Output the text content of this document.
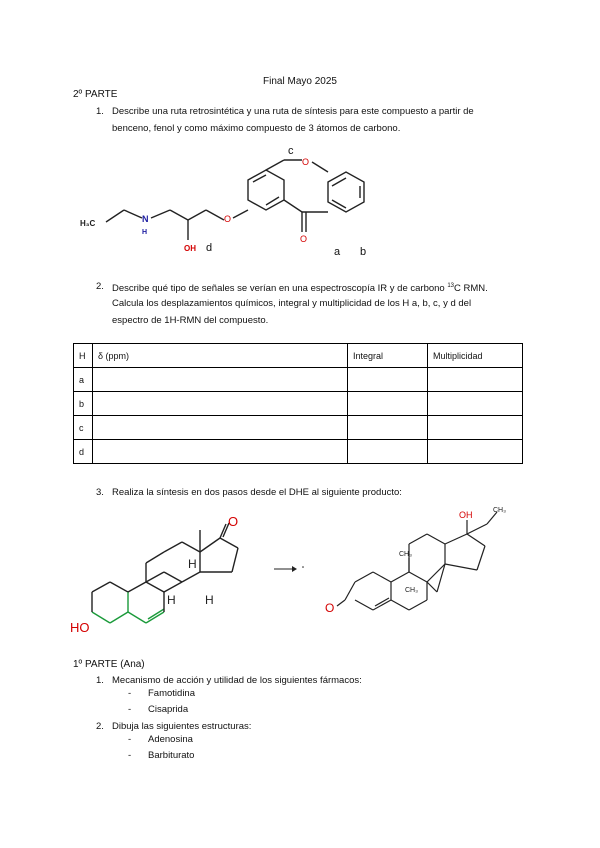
Final Mayo 2025
2º PARTE
1. Describe una ruta retrosintética y una ruta de síntesis para este compuesto a partir de
benceno, fenol y como máximo compuesto de 3 átomos de carbono.
H₃C	N
H
OH d
O
O
O
c
a b
2. Describe qué tipo de señales se verían en una espectroscopía IR y de carbono $^{13}$C RMN.
Calcula los desplazamientos químicos, integral y multiplicidad de los H a, b, c, y d del
espectro de 1H-RMN del compuesto.
H	δ (ppm)	Integral	Multiplicidad
a			
b			
c			
d			
3. Realiza la síntesis en dos pasos desde el DHE al siguiente producto:
HO
O
H
H H
O
OH	CH₃
CH₃
CH₃
1º PARTE (Ana)
1. Mecanismo de acción y utilidad de los siguientes fármacos:
- Famotidina
- Cisaprida
2. Dibuja las siguientes estructuras:
- Adenosina
- Barbiturato
